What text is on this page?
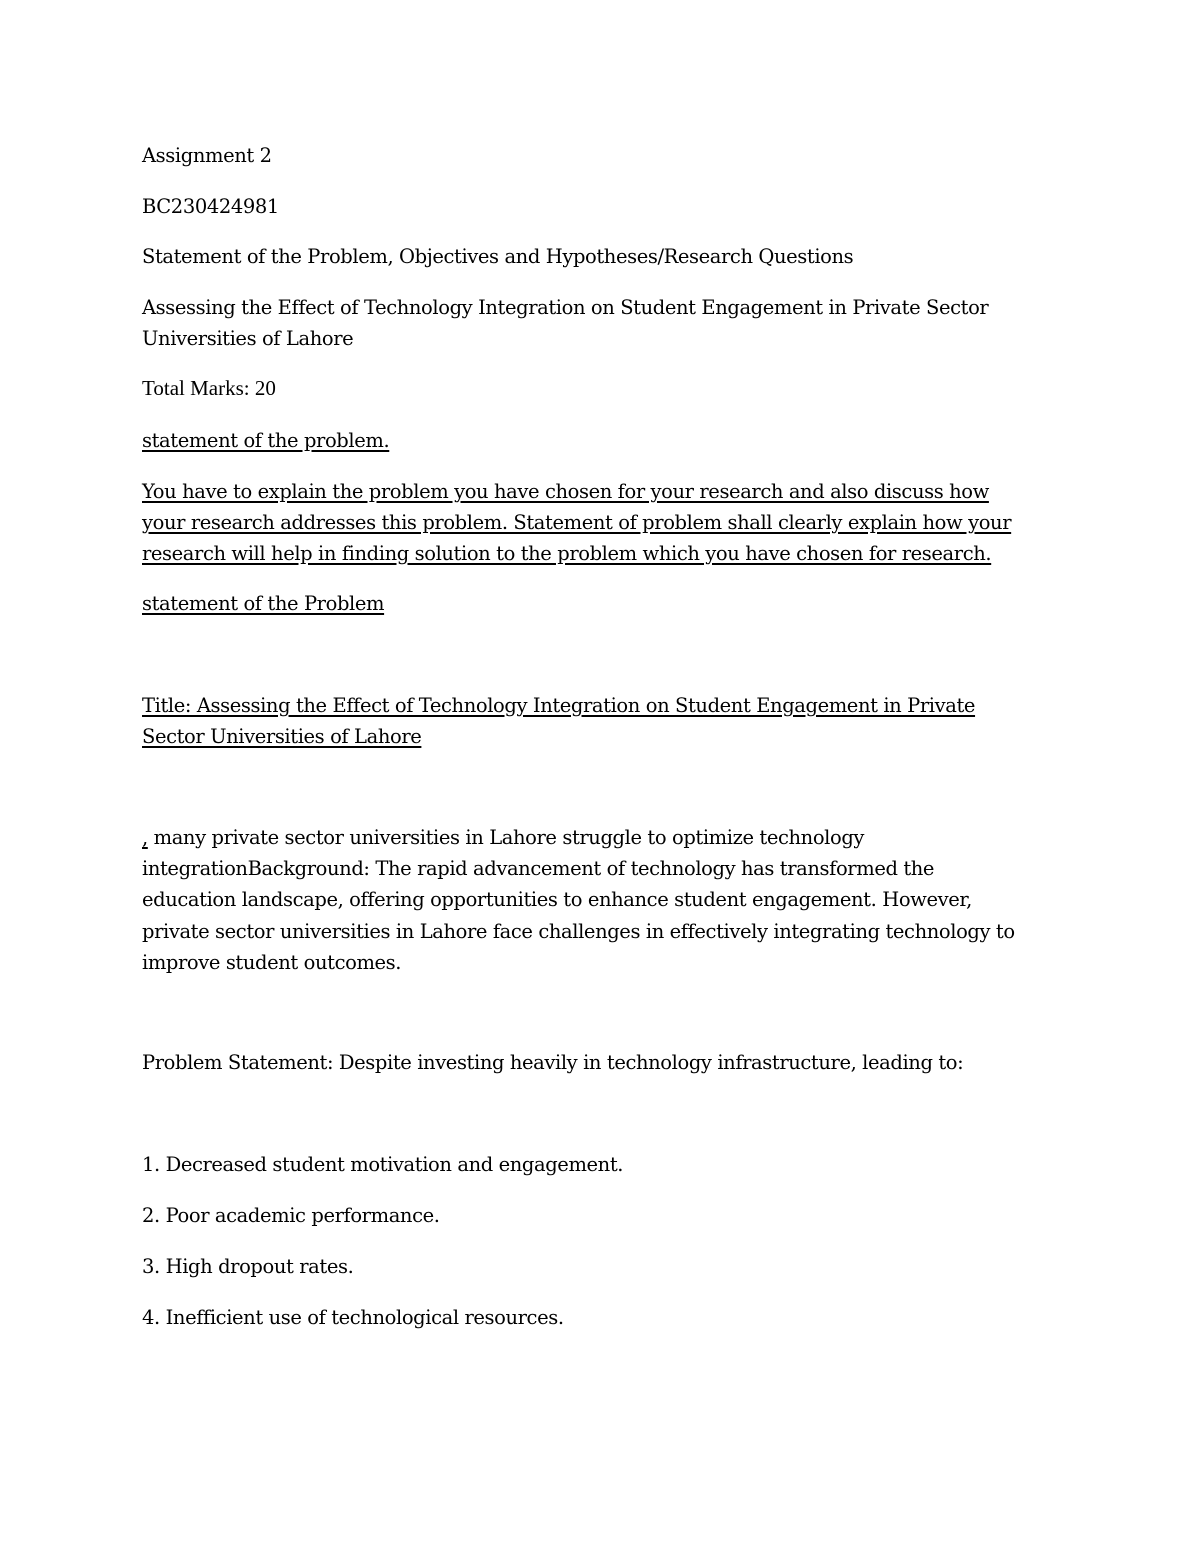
Assignment 2

BC230424981

Statement of the Problem, Objectives and Hypotheses/Research Questions

Assessing the Effect of Technology Integration on Student Engagement in Private Sector

Universities of Lahore

Total Marks: 20

statement of the problem.

You have to explain the problem you have chosen for your research and also discuss how

your research addresses this problem. Statement of problem shall clearly explain how your

research will help in finding solution to the problem which you have chosen for research.

statement of the Problem

Title: Assessing the Effect of Technology Integration on Student Engagement in Private

Sector Universities of Lahore

, many private sector universities in Lahore struggle to optimize technology

integrationBackground: The rapid advancement of technology has transformed the

education landscape, offering opportunities to enhance student engagement. However,

private sector universities in Lahore face challenges in effectively integrating technology to

improve student outcomes.

Problem Statement: Despite investing heavily in technology infrastructure, leading to:

1. Decreased student motivation and engagement.

2. Poor academic performance.

3. High dropout rates.

4. Inefficient use of technological resources.
